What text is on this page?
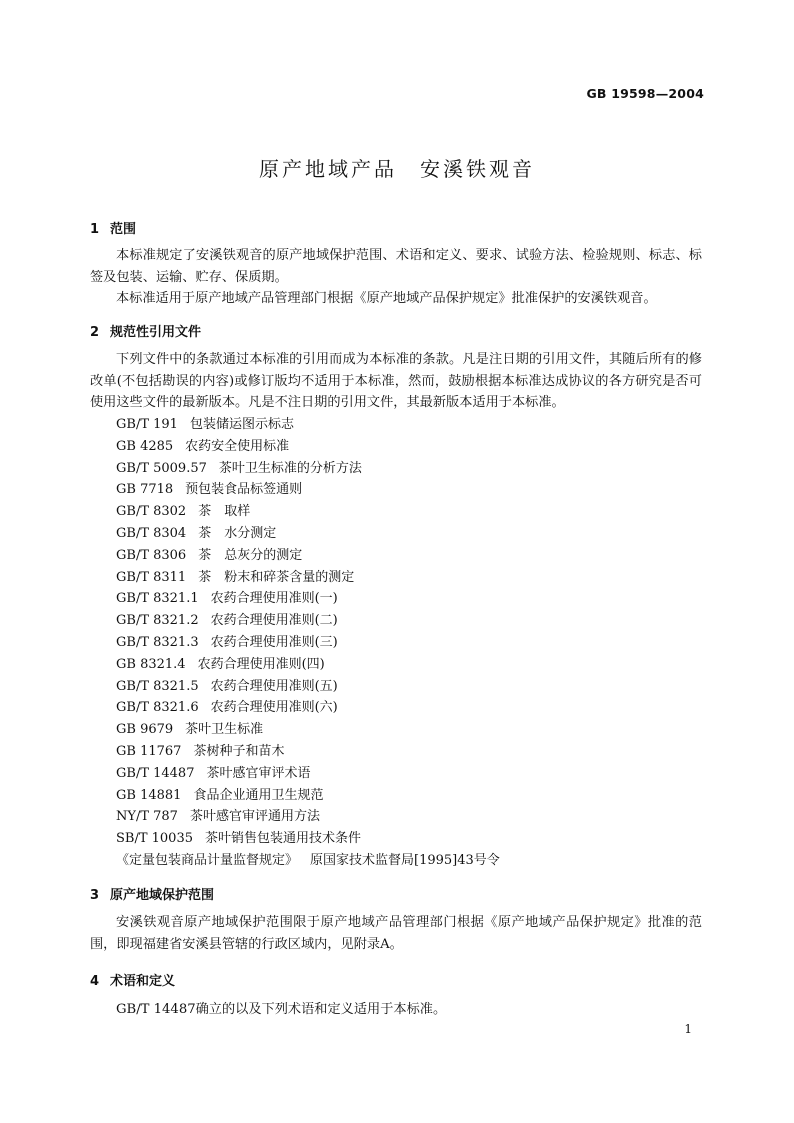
GB 19598—2004
原产地域产品　安溪铁观音
1 范围
本标准规定了安溪铁观音的原产地域保护范围、术语和定义、要求、试验方法、检验规则、标志、标签及包装、运输、贮存、保质期。
本标准适用于原产地域产品管理部门根据《原产地域产品保护规定》批准保护的安溪铁观音。
2 规范性引用文件
下列文件中的条款通过本标准的引用而成为本标准的条款。凡是注日期的引用文件，其随后所有的修改单(不包括勘误的内容)或修订版均不适用于本标准，然而，鼓励根据本标准达成协议的各方研究是否可使用这些文件的最新版本。凡是不注日期的引用文件，其最新版本适用于本标准。
GB/T 191 包装储运图示标志
GB 4285 农药安全使用标准
GB/T 5009.57 茶叶卫生标准的分析方法
GB 7718 预包装食品标签通则
GB/T 8302 茶　取样
GB/T 8304 茶　水分测定
GB/T 8306 茶　总灰分的测定
GB/T 8311 茶　粉末和碎茶含量的测定
GB/T 8321.1 农药合理使用准则(一)
GB/T 8321.2 农药合理使用准则(二)
GB/T 8321.3 农药合理使用准则(三)
GB 8321.4 农药合理使用准则(四)
GB/T 8321.5 农药合理使用准则(五)
GB/T 8321.6 农药合理使用准则(六)
GB 9679 茶叶卫生标准
GB 11767 茶树种子和苗木
GB/T 14487 茶叶感官审评术语
GB 14881 食品企业通用卫生规范
NY/T 787 茶叶感官审评通用方法
SB/T 10035 茶叶销售包装通用技术条件
《定量包装商品计量监督规定》 原国家技术监督局[1995]43号令
3 原产地域保护范围
安溪铁观音原产地域保护范围限于原产地域产品管理部门根据《原产地域产品保护规定》批准的范围，即现福建省安溪县管辖的行政区域内，见附录A。
4 术语和定义
GB/T 14487确立的以及下列术语和定义适用于本标准。
1
